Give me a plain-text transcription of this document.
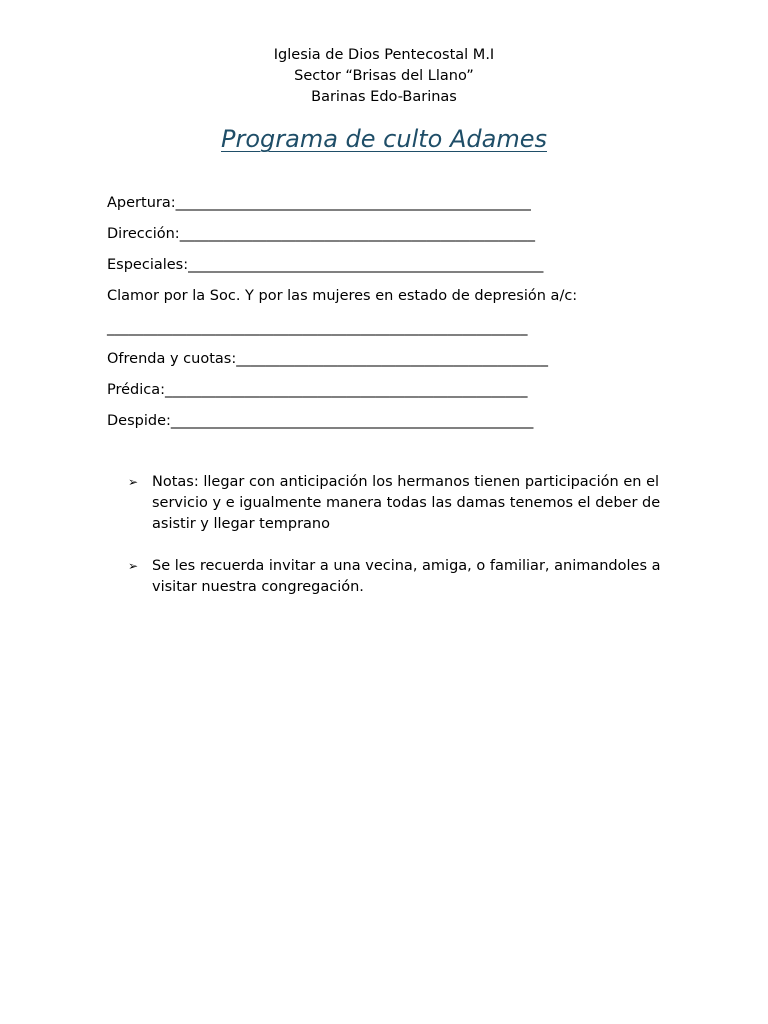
Iglesia de Dios Pentecostal M.I
Sector “Brisas del Llano”
Barinas Edo-Barinas
Programa de culto Adames
Apertura:_________________________________________________
Dirección:_________________________________________________
Especiales:_________________________________________________
Clamor por la Soc. Y por las mujeres en estado de depresión a/c:
__________________________________________________________
Ofrenda y cuotas:___________________________________________
Prédica:__________________________________________________
Despide:__________________________________________________
➢ Notas: llegar con anticipación los hermanos tienen participación en el servicio y e igualmente manera todas las damas tenemos el deber de asistir y llegar temprano
➢ Se les recuerda invitar a una vecina, amiga, o familiar, animandoles a visitar nuestra congregación.
